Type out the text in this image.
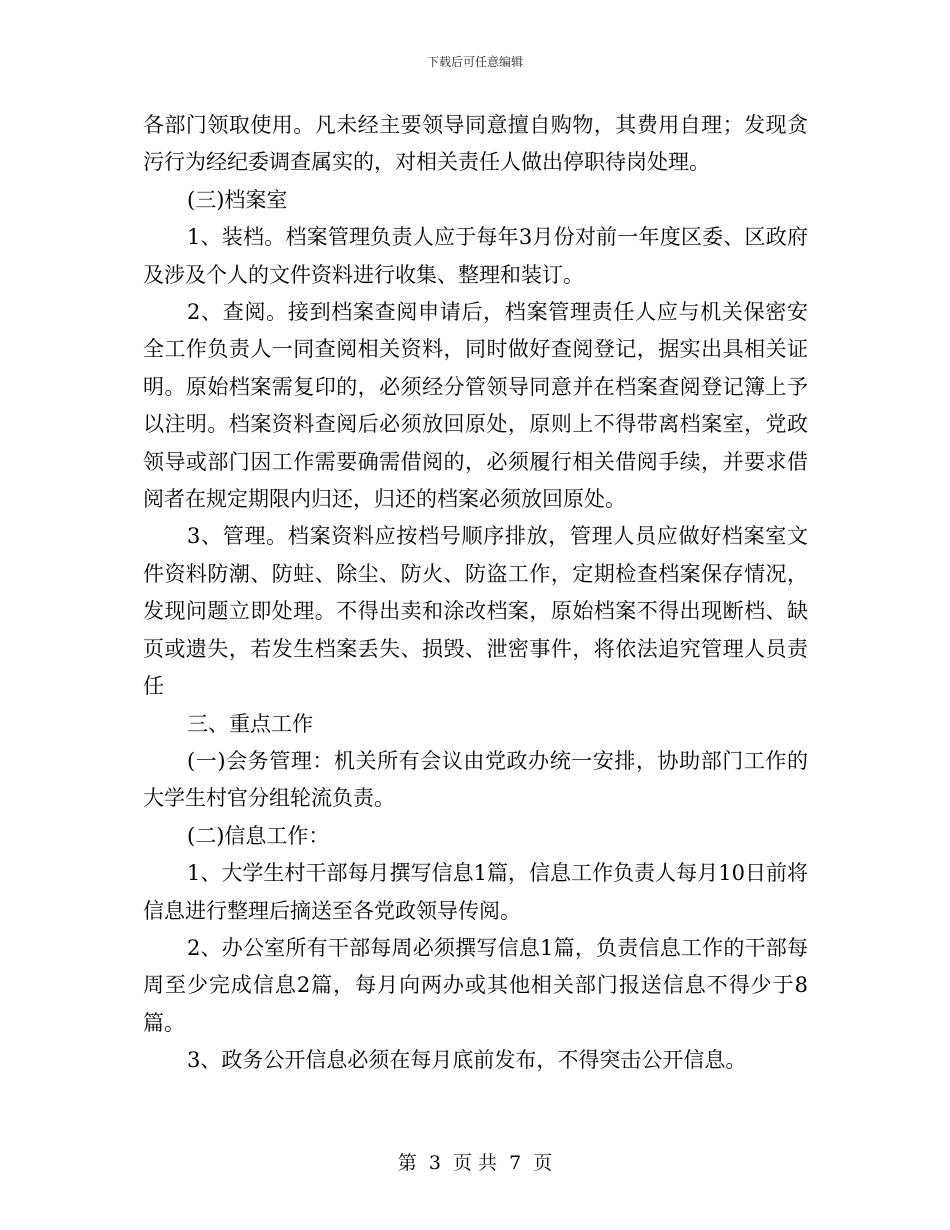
下载后可任意编辑

各部门领取使用。凡未经主要领导同意擅自购物，其费用自理；发现贪污行为经纪委调查属实的，对相关责任人做出停职待岗处理。

(三)档案室

1、装档。档案管理负责人应于每年3月份对前一年度区委、区政府及涉及个人的文件资料进行收集、整理和装订。

2、查阅。接到档案查阅申请后，档案管理责任人应与机关保密安全工作负责人一同查阅相关资料，同时做好查阅登记，据实出具相关证明。原始档案需复印的，必须经分管领导同意并在档案查阅登记簿上予以注明。档案资料查阅后必须放回原处，原则上不得带离档案室，党政领导或部门因工作需要确需借阅的，必须履行相关借阅手续，并要求借阅者在规定期限内归还，归还的档案必须放回原处。

3、管理。档案资料应按档号顺序排放，管理人员应做好档案室文件资料防潮、防蛀、除尘、防火、防盗工作，定期检查档案保存情况，发现问题立即处理。不得出卖和涂改档案，原始档案不得出现断档、缺页或遗失，若发生档案丢失、损毁、泄密事件，将依法追究管理人员责任

三、重点工作

(一)会务管理：机关所有会议由党政办统一安排，协助部门工作的大学生村官分组轮流负责。

(二)信息工作：

1、大学生村干部每月撰写信息1篇，信息工作负责人每月10日前将信息进行整理后摘送至各党政领导传阅。

2、办公室所有干部每周必须撰写信息1篇，负责信息工作的干部每周至少完成信息2篇，每月向两办或其他相关部门报送信息不得少于8篇。

3、政务公开信息必须在每月底前发布，不得突击公开信息。

第 3 页 共 7 页
